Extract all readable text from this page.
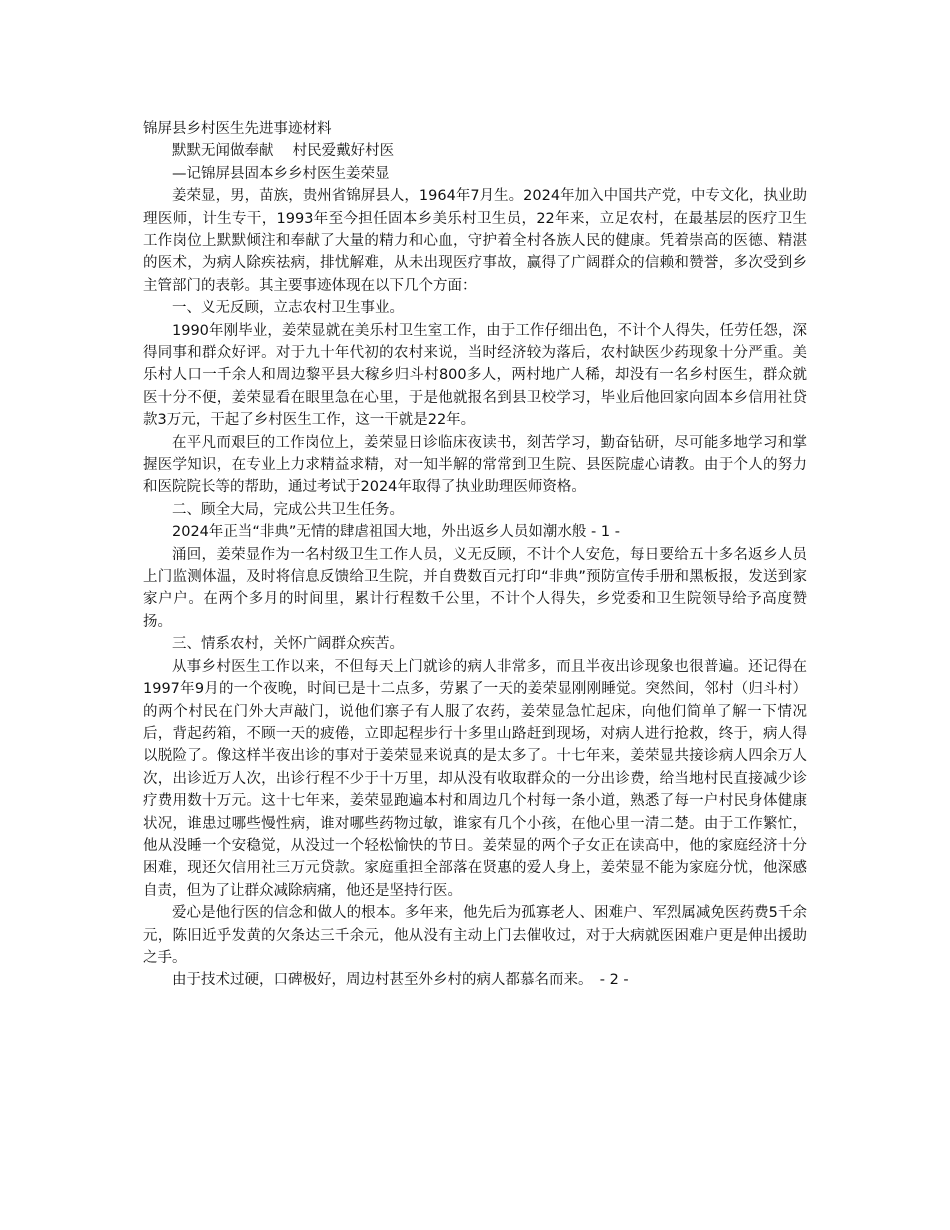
锦屏县乡村医生先进事迹材料
默默无闻做奉献　 村民爱戴好村医
—记锦屏县固本乡乡村医生姜荣显

姜荣显，男，苗族，贵州省锦屏县人，1964年7月生。2024年加入中国共产党，中专文化，执业助理医师，计生专干，1993年至今担任固本乡美乐村卫生员，22年来，立足农村，在最基层的医疗卫生工作岗位上默默倾注和奉献了大量的精力和心血，守护着全村各族人民的健康。凭着崇高的医德、精湛的医术，为病人除疾祛病，排忧解难，从未出现医疗事故，赢得了广阔群众的信赖和赞誉，多次受到乡主管部门的表彰。其主要事迹体现在以下几个方面：

一、义无反顾，立志农村卫生事业。

1990年刚毕业，姜荣显就在美乐村卫生室工作，由于工作仔细出色，不计个人得失，任劳任怨，深得同事和群众好评。对于九十年代初的农村来说，当时经济较为落后，农村缺医少药现象十分严重。美乐村人口一千余人和周边黎平县大稼乡归斗村800多人，两村地广人稀，却没有一名乡村医生，群众就医十分不便，姜荣显看在眼里急在心里，于是他就报名到县卫校学习，毕业后他回家向固本乡信用社贷款3万元，干起了乡村医生工作，这一干就是22年。

在平凡而艰巨的工作岗位上，姜荣显日诊临床夜读书，刻苦学习，勤奋钻研，尽可能多地学习和掌握医学知识，在专业上力求精益求精，对一知半解的常常到卫生院、县医院虚心请教。由于个人的努力和医院院长等的帮助，通过考试于2024年取得了执业助理医师资格。

二、顾全大局，完成公共卫生任务。

2024年正当“非典”无情的肆虐祖国大地，外出返乡人员如潮水般 - 1 -

涌回，姜荣显作为一名村级卫生工作人员，义无反顾，不计个人安危，每日要给五十多名返乡人员上门监测体温，及时将信息反馈给卫生院，并自费数百元打印“非典”预防宣传手册和黑板报，发送到家家户户。在两个多月的时间里，累计行程数千公里，不计个人得失，乡党委和卫生院领导给予高度赞扬。

三、情系农村，关怀广阔群众疾苦。

从事乡村医生工作以来，不但每天上门就诊的病人非常多，而且半夜出诊现象也很普遍。还记得在1997年9月的一个夜晚，时间已是十二点多，劳累了一天的姜荣显刚刚睡觉。突然间，邻村（归斗村）的两个村民在门外大声敲门，说他们寨子有人服了农药，姜荣显急忙起床，向他们简单了解一下情况后，背起药箱，不顾一天的疲倦，立即起程步行十多里山路赶到现场，对病人进行抢救，终于，病人得以脱险了。像这样半夜出诊的事对于姜荣显来说真的是太多了。十七年来，姜荣显共接诊病人四余万人次，出诊近万人次，出诊行程不少于十万里，却从没有收取群众的一分出诊费，给当地村民直接减少诊疗费用数十万元。这十七年来，姜荣显跑遍本村和周边几个村每一条小道，熟悉了每一户村民身体健康状况，谁患过哪些慢性病，谁对哪些药物过敏，谁家有几个小孩，在他心里一清二楚。由于工作繁忙，他从没睡一个安稳觉，从没过一个轻松愉快的节日。姜荣显的两个子女正在读高中，他的家庭经济十分困难，现还欠信用社三万元贷款。家庭重担全部落在贤惠的爱人身上，姜荣显不能为家庭分忧，他深感自责，但为了让群众减除病痛，他还是坚持行医。

爱心是他行医的信念和做人的根本。多年来，他先后为孤寡老人、困难户、军烈属减免医药费5千余元，陈旧近乎发黄的欠条达三千余元，他从没有主动上门去催收过，对于大病就医困难户更是伸出援助之手。

由于技术过硬，口碑极好，周边村甚至外乡村的病人都慕名而来。　- 2 -
